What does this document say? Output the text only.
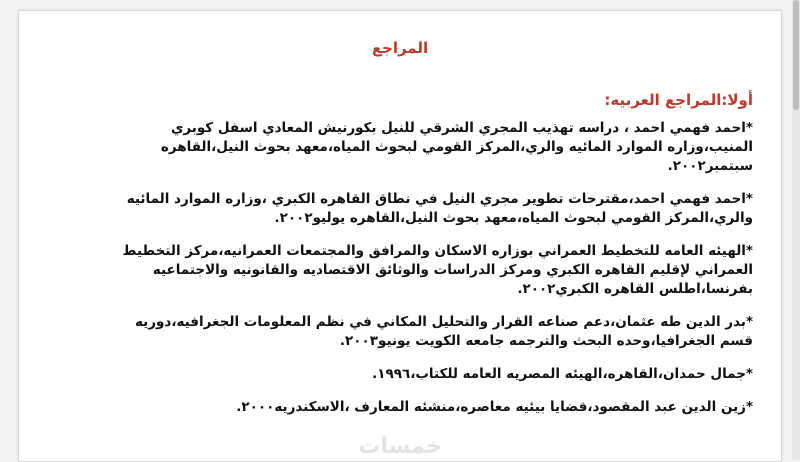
المراجع
أولا:المراجع العربيه:

*احمد فهمي احمد ، دراسه تهذيب المجري الشرقي للنيل بكورنيش المعادي اسفل كوبري المنيب،وزاره الموارد المائيه والري،المركز القومي لبحوث المياه،معهد بحوث النيل،القاهره سبتمبر٢٠٠٢.

*احمد فهمي احمد،مقترحات تطوير مجري النيل في نطاق القاهره الكبري ،وزاره الموارد المائيه والري،المركز القومي لبحوث المياه،معهد بحوث النيل،القاهره يوليو٢٠٠٢.

*الهيئه العامه للتخطيط العمراني بوزاره الاسكان والمرافق والمجتمعات العمرانيه،مركز التخطيط العمراني لإقليم القاهره الكبري ومركز الدراسات والوثائق الاقتصاديه والقانونيه والاجتماعيه بفرنسا،اطلس القاهره الكبري٢٠٠٢.

*بدر الدين طه عثمان،دعم صناعه القرار والتحليل المكاني في نظم المعلومات الجغرافيه،دوريه قسم الجغرافيا،وحده البحث والترجمه جامعه الكويت يونيو٢٠٠٣.

*جمال حمدان،القاهره،الهيئه المصريه العامه للكتاب،١٩٩٦.

*زين الدين عبد المقصود،قضايا بيئيه معاصره،منشئه المعارف ،الاسكندريه٢٠٠٠.

خمسات
